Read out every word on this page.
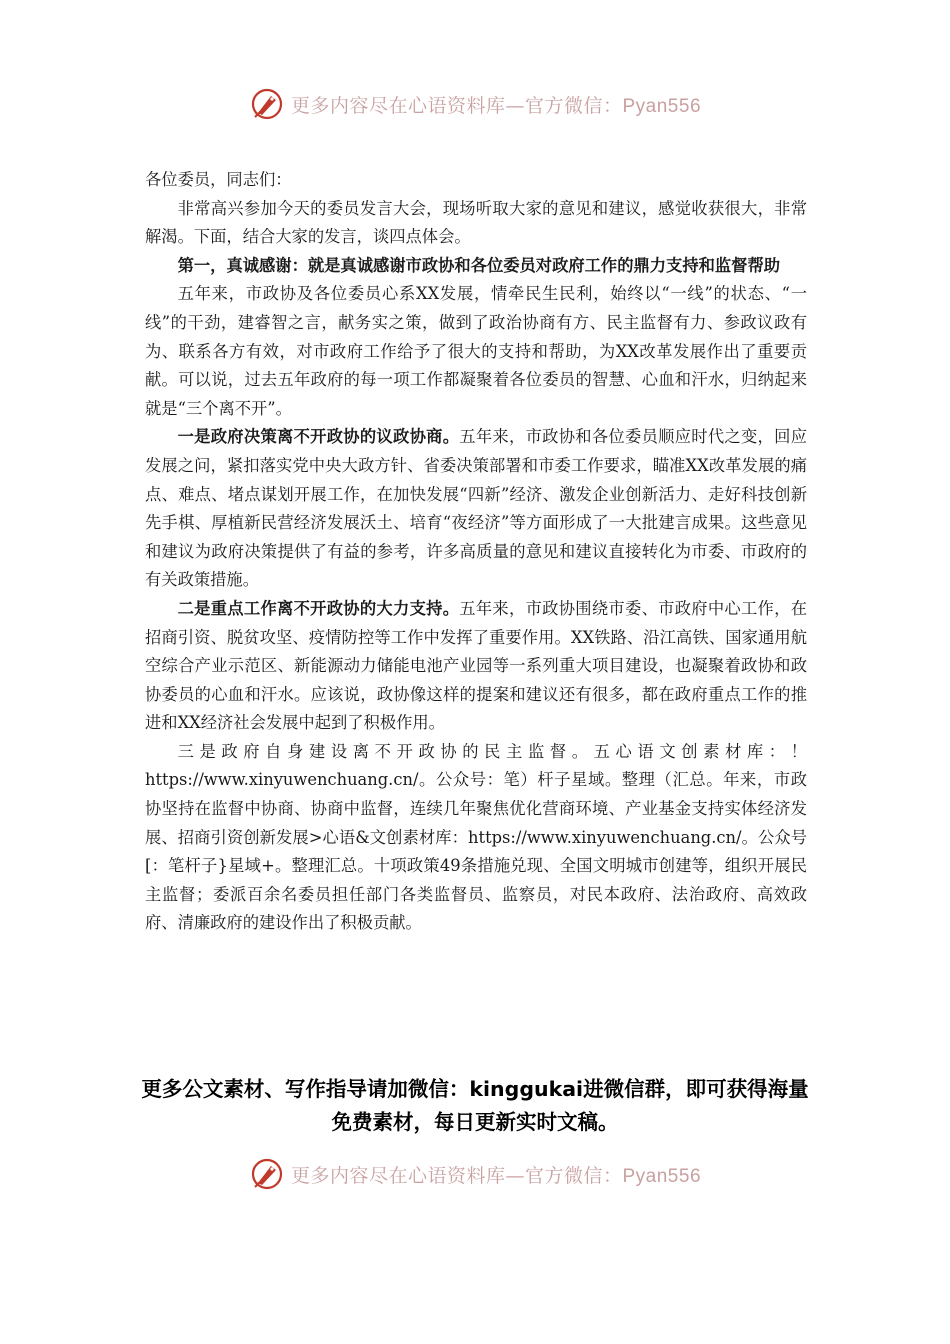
更多内容尽在心语资料库—官方微信：Pyan556

各位委员，同志们：

非常高兴参加今天的委员发言大会，现场听取大家的意见和建议，感觉收获很大，非常解渴。下面，结合大家的发言，谈四点体会。

第一，真诚感谢：就是真诚感谢市政协和各位委员对政府工作的鼎力支持和监督帮助

五年来，市政协及各位委员心系XX发展，情牵民生民利，始终以“一线”的状态、“一线”的干劲，建睿智之言，献务实之策，做到了政治协商有方、民主监督有力、参政议政有为、联系各方有效，对市政府工作给予了很大的支持和帮助，为XX改革发展作出了重要贡献。可以说，过去五年政府的每一项工作都凝聚着各位委员的智慧、心血和汗水，归纳起来就是“三个离不开”。

一是政府决策离不开政协的议政协商。五年来，市政协和各位委员顺应时代之变，回应发展之问，紧扣落实党中央大政方针、省委决策部署和市委工作要求，瞄准XX改革发展的痛点、难点、堵点谋划开展工作，在加快发展“四新”经济、激发企业创新活力、走好科技创新先手棋、厚植新民营经济发展沃土、培育“夜经济”等方面形成了一大批建言成果。这些意见和建议为政府决策提供了有益的参考，许多高质量的意见和建议直接转化为市委、市政府的有关政策措施。

二是重点工作离不开政协的大力支持。五年来，市政协围绕市委、市政府中心工作，在招商引资、脱贫攻坚、疫情防控等工作中发挥了重要作用。XX铁路、沿江高铁、国家通用航空综合产业示范区、新能源动力储能电池产业园等一系列重大项目建设，也凝聚着政协和政协委员的心血和汗水。应该说，政协像这样的提案和建议还有很多，都在政府重点工作的推进和XX经济社会发展中起到了积极作用。

三是政府自身建设离不开政协的民主监督。五心语文创素材库：！https://www.xinyuwenchuang.cn/。公众号：笔）杆子星域。整理（汇总。年来，市政协坚持在监督中协商、协商中监督，连续几年聚焦优化营商环境、产业基金支持实体经济发展、招商引资创新发展>心语&文创素材库：https://www.xinyuwenchuang.cn/。公众号[：笔杆子}星域+。整理汇总。十项政策49条措施兑现、全国文明城市创建等，组织开展民主监督；委派百余名委员担任部门各类监督员、监察员，对民本政府、法治政府、高效政府、清廉政府的建设作出了积极贡献。

更多公文素材、写作指导请加微信：kinggukai进微信群，即可获得海量免费素材，每日更新实时文稿。
更多内容尽在心语资料库—官方微信：Pyan556
